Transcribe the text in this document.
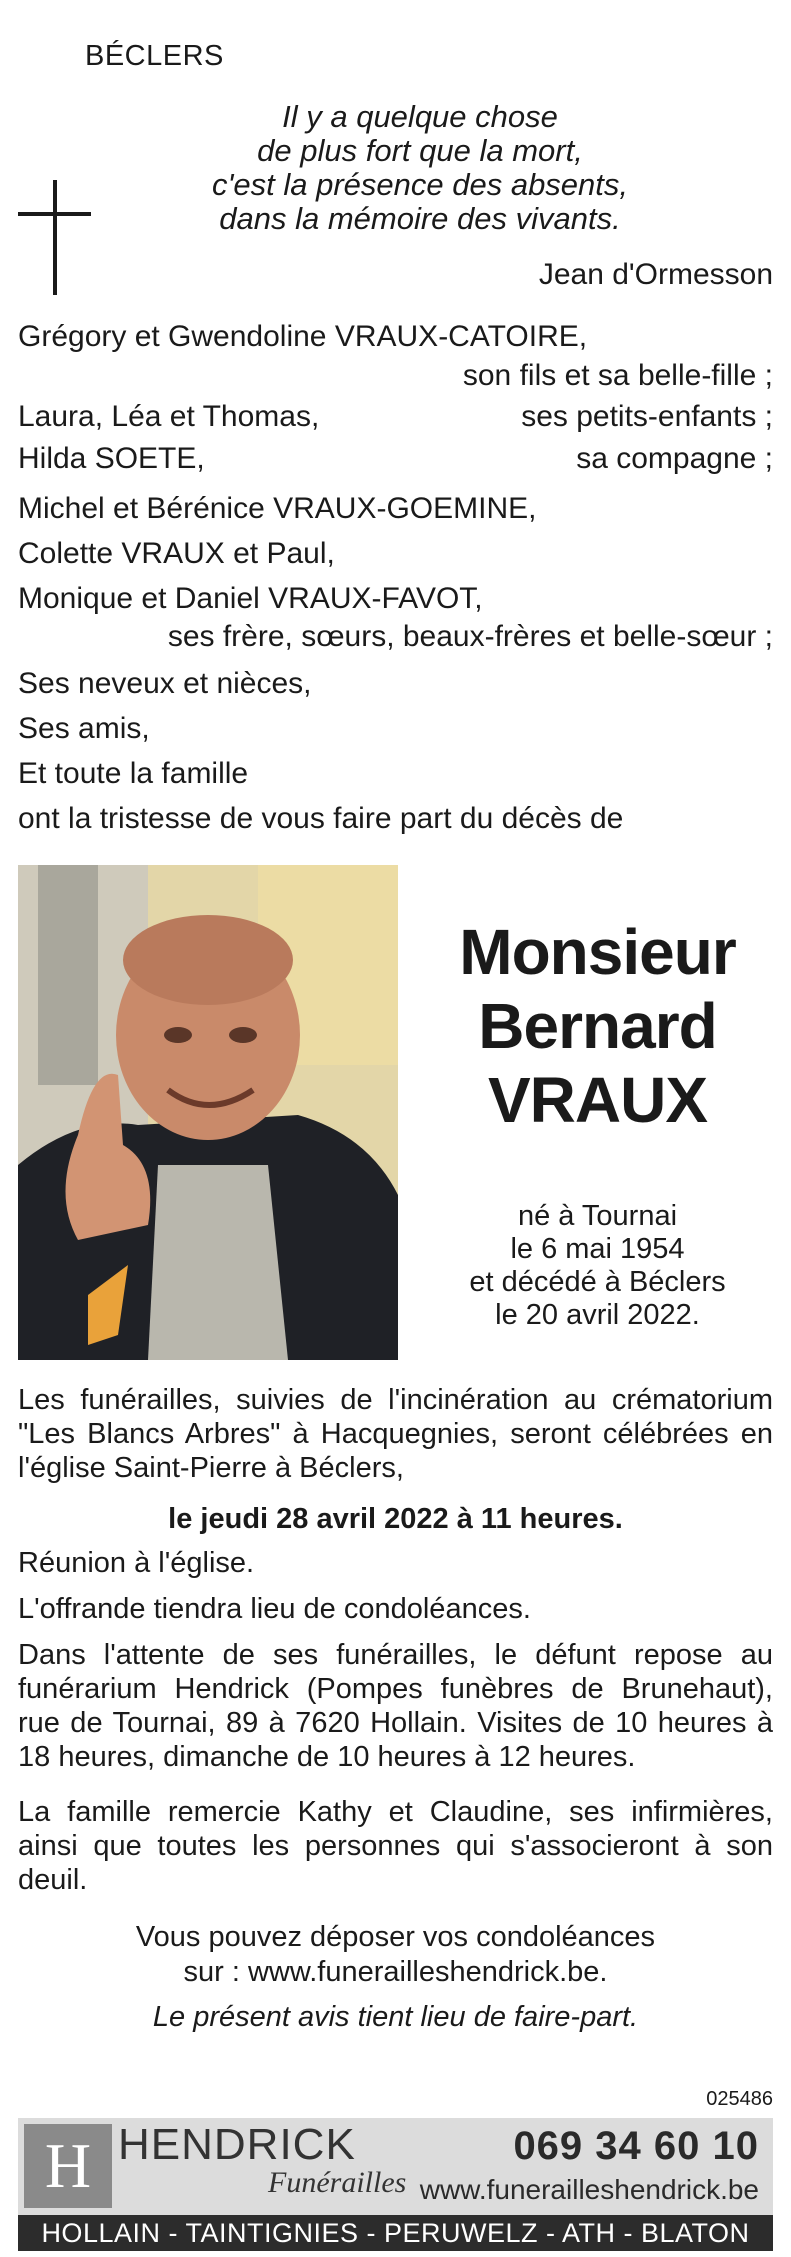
BÉCLERS
Il y a quelque chose
de plus fort que la mort,
c'est la présence des absents,
dans la mémoire des vivants.
Jean d'Ormesson
Grégory et Gwendoline VRAUX-CATOIRE,
son fils et sa belle-fille ;
Laura, Léa et Thomas,	ses petits-enfants ;
Hilda SOETE,	sa compagne ;
Michel et Bérénice VRAUX-GOEMINE,
Colette VRAUX et Paul,
Monique et Daniel VRAUX-FAVOT,
ses frère, sœurs, beaux-frères et belle-sœur ;
Ses neveux et nièces,
Ses amis,
Et toute la famille
ont la tristesse de vous faire part du décès de
Monsieur
Bernard
VRAUX
né à Tournai
le 6 mai 1954
et décédé à Béclers
le 20 avril 2022.
Les funérailles, suivies de l'incinération au crématorium "Les Blancs Arbres" à Hacquegnies, seront célébrées en l'église Saint-Pierre à Béclers,
le jeudi 28 avril 2022 à 11 heures.
Réunion à l'église.
L'offrande tiendra lieu de condoléances.
Dans l'attente de ses funérailles, le défunt repose au funérarium Hendrick (Pompes funèbres de Brunehaut), rue de Tournai, 89 à 7620 Hollain. Visites de 10 heures à 18 heures, dimanche de 10 heures à 12 heures.
La famille remercie Kathy et Claudine, ses infirmières, ainsi que toutes les personnes qui s'associeront à son deuil.
Vous pouvez déposer vos condoléances
sur : www.funerailleshendrick.be.
Le présent avis tient lieu de faire-part.
025486
H HENDRICK
Funérailles
069 34 60 10
www.funerailleshendrick.be
HOLLAIN - TAINTIGNIES - PERUWELZ - ATH - BLATON
